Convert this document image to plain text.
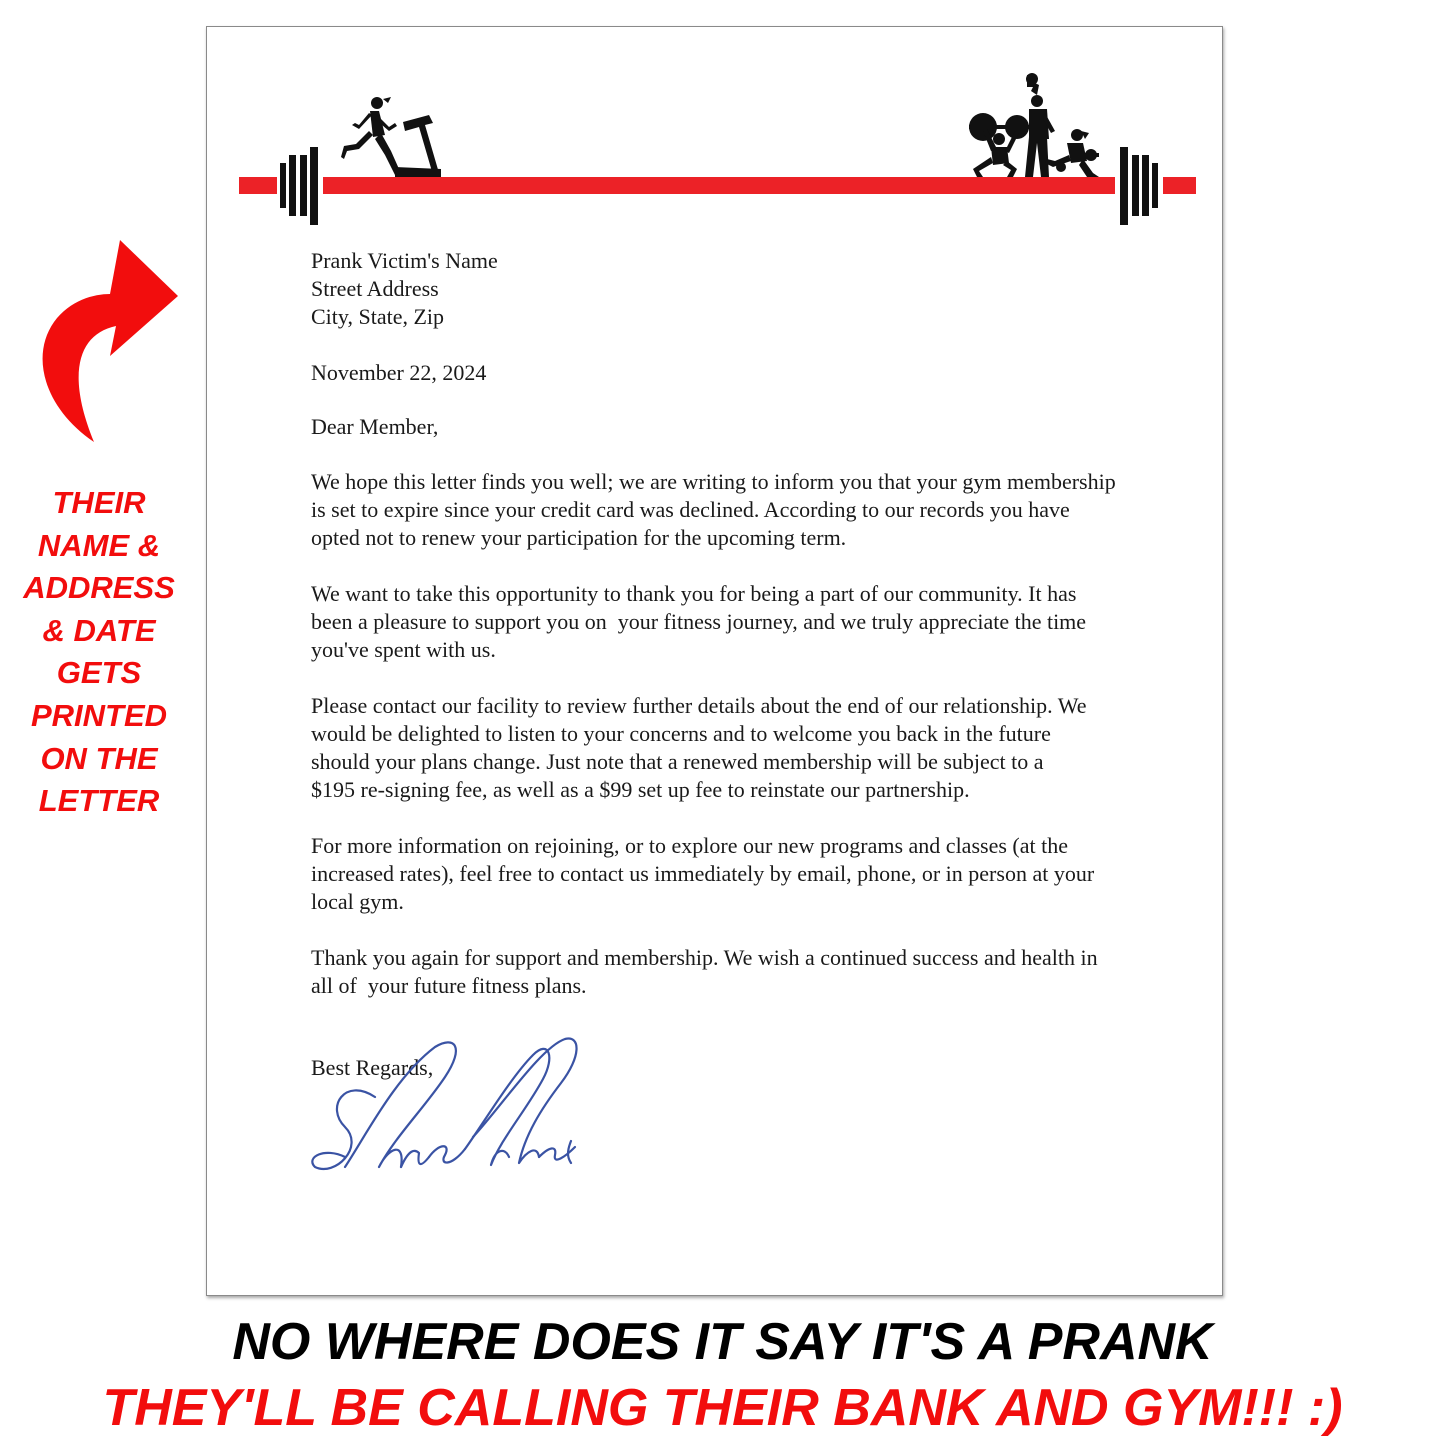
THEIR
NAME &
ADDRESS
& DATE
GETS
PRINTED
ON THE
LETTER
Prank Victim's Name
Street Address
City, State, Zip
November 22, 2024
Dear Member,

We hope this letter finds you well; we are writing to inform you that your gym membership
is set to expire since your credit card was declined. According to our records you have
opted not to renew your participation for the upcoming term.

We want to take this opportunity to thank you for being a part of our community. It has
been a pleasure to support you on  your fitness journey, and we truly appreciate the time
you've spent with us.

Please contact our facility to review further details about the end of our relationship. We
would be delighted to listen to your concerns and to welcome you back in the future
should your plans change. Just note that a renewed membership will be subject to a
$195 re-signing fee, as well as a $99 set up fee to reinstate our partnership.

For more information on rejoining, or to explore our new programs and classes (at the
increased rates), feel free to contact us immediately by email, phone, or in person at your
local gym.

Thank you again for support and membership. We wish a continued success and health in
all of  your future fitness plans.

Best Regards,
NO WHERE DOES IT SAY IT'S A PRANK
THEY'LL BE CALLING THEIR BANK AND GYM!!! :)
